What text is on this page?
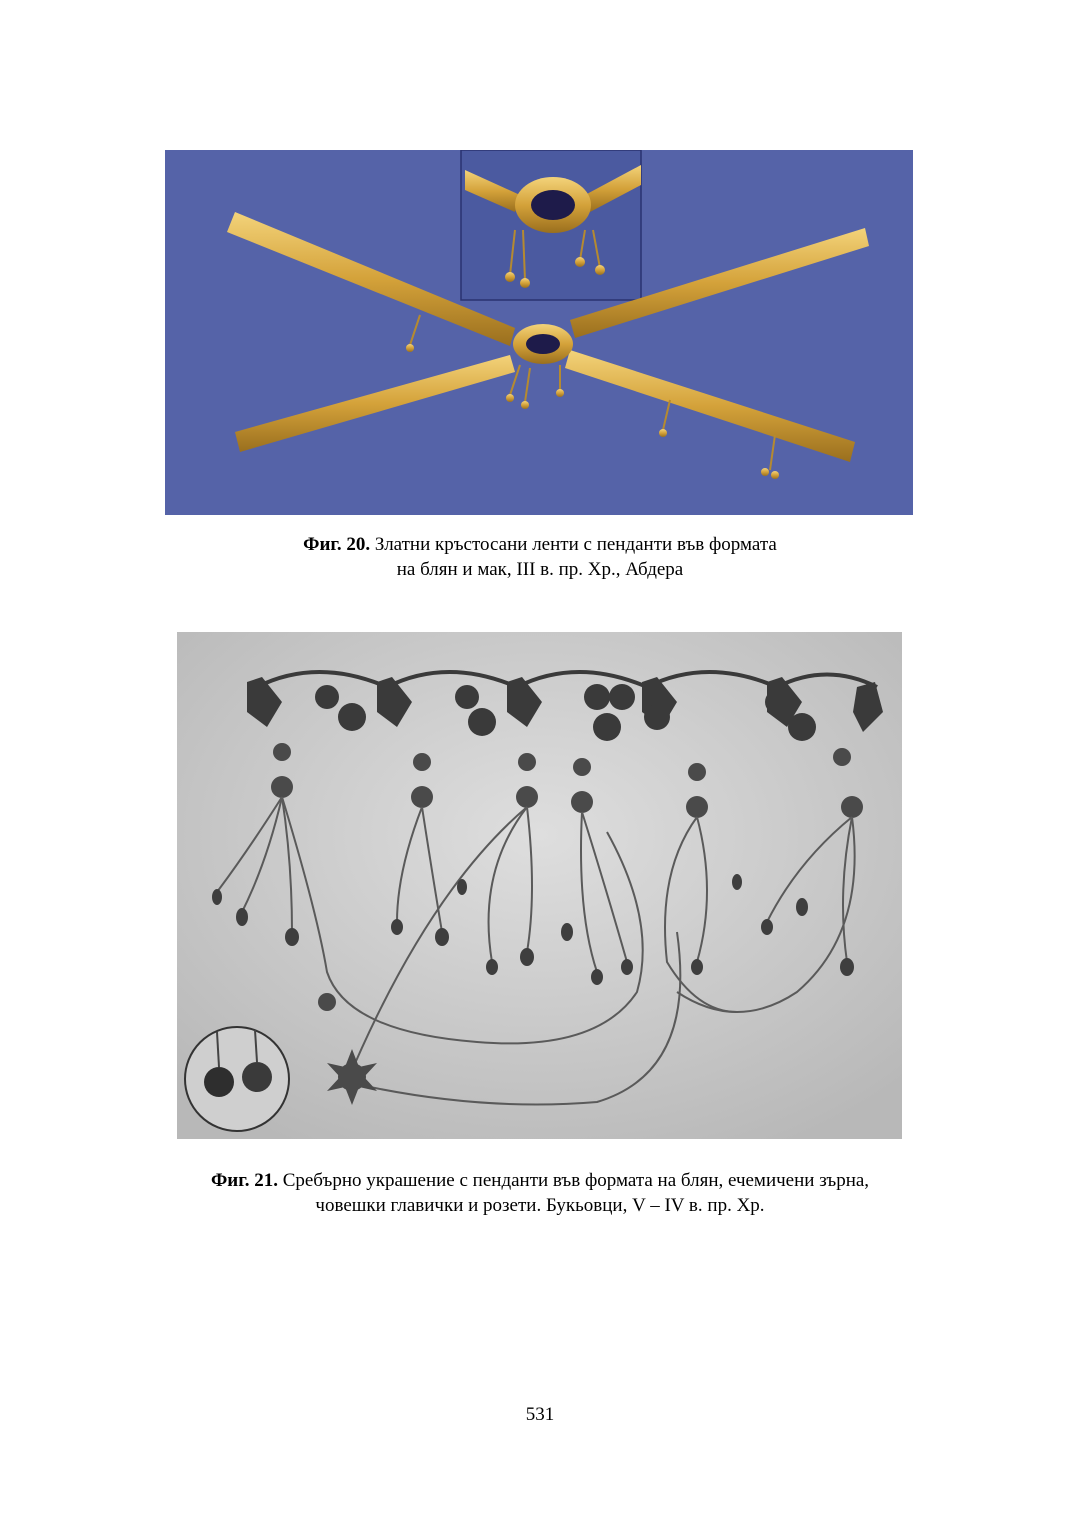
Фиг. 20. Златни кръстосани ленти с пенданти във формата
на блян и мак, III в. пр. Хр., Абдера
Фиг. 21. Сребърно украшение с пенданти във формата на блян, ечемичени зърна,
човешки главички и розети. Букьовци, V – IV в. пр. Хр.
531
